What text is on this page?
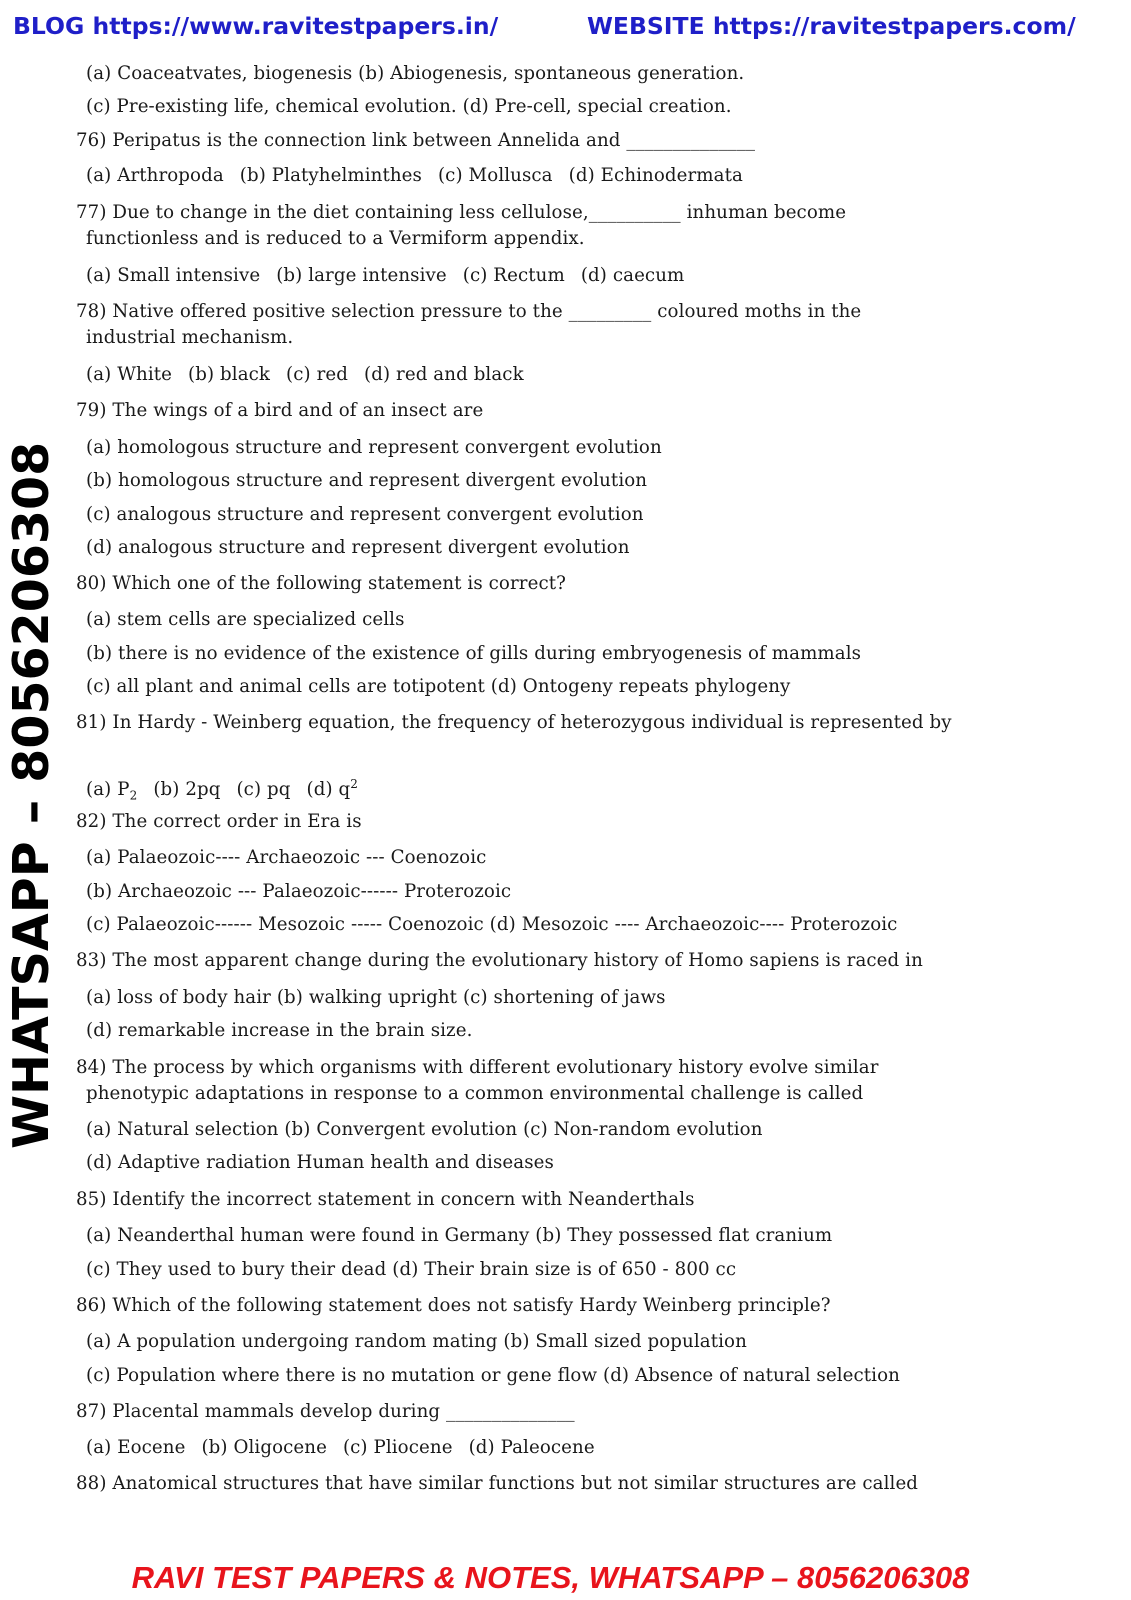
BLOG https://www.ravitestpapers.in/	WEBSITE https://ravitestpapers.com/
WHATSAPP – 8056206308
(a) Coaceatvates, biogenesis (b) Abiogenesis, spontaneous generation.
(c) Pre-existing life, chemical evolution. (d) Pre-cell, special creation.
76) Peripatus is the connection link between Annelida and ______________
(a) Arthropoda (b) Platyhelminthes (c) Mollusca (d) Echinodermata
77) Due to change in the diet containing less cellulose,__________ inhuman become
functionless and is reduced to a Vermiform appendix.
(a) Small intensive (b) large intensive (c) Rectum (d) caecum
78) Native offered positive selection pressure to the _________ coloured moths in the
industrial mechanism.
(a) White (b) black (c) red (d) red and black
79) The wings of a bird and of an insect are
(a) homologous structure and represent convergent evolution
(b) homologous structure and represent divergent evolution
(c) analogous structure and represent convergent evolution
(d) analogous structure and represent divergent evolution
80) Which one of the following statement is correct?
(a) stem cells are specialized cells
(b) there is no evidence of the existence of gills during embryogenesis of mammals
(c) all plant and animal cells are totipotent (d) Ontogeny repeats phylogeny
81) In Hardy - Weinberg equation, the frequency of heterozygous individual is represented by
(a) $P_2$ (b) 2pq (c) pq (d) $q^2$
82) The correct order in Era is
(a) Palaeozoic---- Archaeozoic --- Coenozoic
(b) Archaeozoic --- Palaeozoic------ Proterozoic
(c) Palaeozoic------ Mesozoic ----- Coenozoic (d) Mesozoic ---- Archaeozoic---- Proterozoic
83) The most apparent change during the evolutionary history of Homo sapiens is raced in
(a) loss of body hair (b) walking upright (c) shortening of jaws
(d) remarkable increase in the brain size.
84) The process by which organisms with different evolutionary history evolve similar
phenotypic adaptations in response to a common environmental challenge is called
(a) Natural selection (b) Convergent evolution (c) Non-random evolution
(d) Adaptive radiation Human health and diseases
85) Identify the incorrect statement in concern with Neanderthals
(a) Neanderthal human were found in Germany (b) They possessed flat cranium
(c) They used to bury their dead (d) Their brain size is of 650 - 800 cc
86) Which of the following statement does not satisfy Hardy Weinberg principle?
(a) A population undergoing random mating (b) Small sized population
(c) Population where there is no mutation or gene flow (d) Absence of natural selection
87) Placental mammals develop during ______________
(a) Eocene (b) Oligocene (c) Pliocene (d) Paleocene
88) Anatomical structures that have similar functions but not similar structures are called
RAVI TEST PAPERS & NOTES, WHATSAPP – 8056206308
